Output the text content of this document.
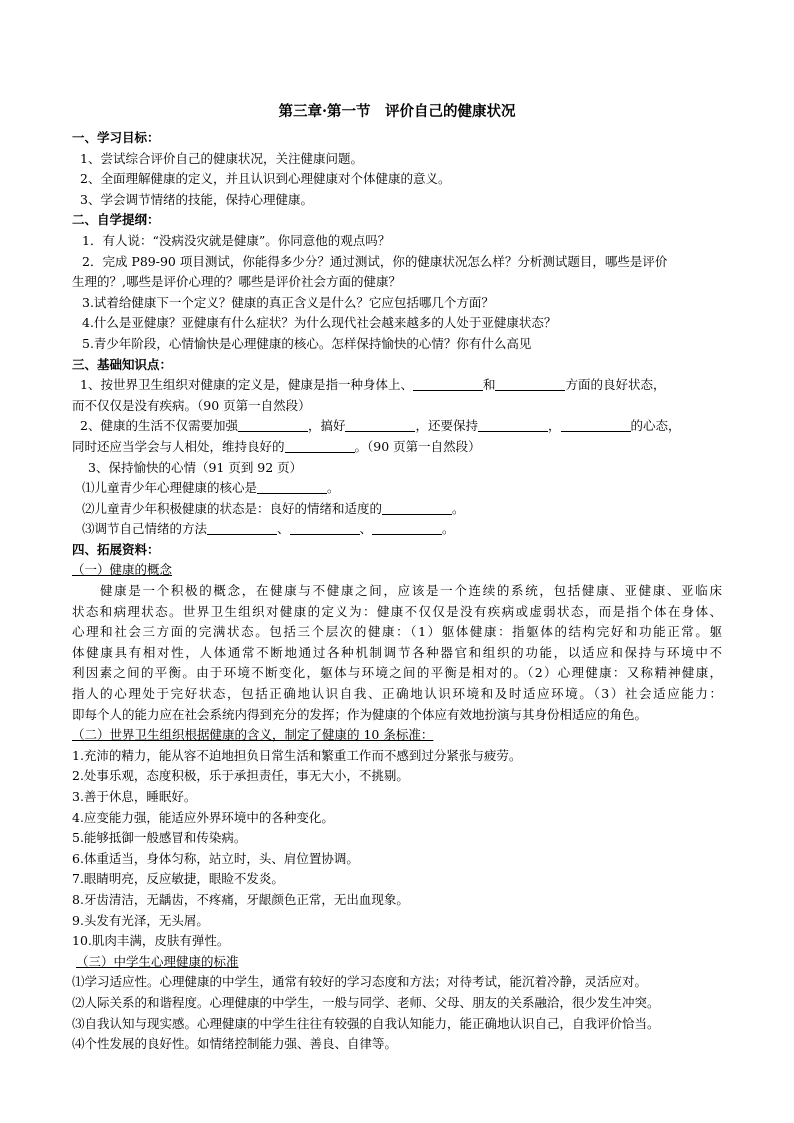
第三章·第一节　评价自己的健康状况
一、学习目标：
1、尝试综合评价自己的健康状况，关注健康问题。
2、全面理解健康的定义，并且认识到心理健康对个体健康的意义。
3、学会调节情绪的技能，保持心理健康。
二、自学提纲：
1．有人说：“没病没灾就是健康”。你同意他的观点吗？
2．完成 P89-90 项目测试，你能得多少分？通过测试，你的健康状况怎么样？分析测试题目，哪些是评价
生理的？,哪些是评价心理的？哪些是评价社会方面的健康？
3.试着给健康下一个定义？健康的真正含义是什么？它应包括哪几个方面？
4.什么是亚健康？亚健康有什么症状？为什么现代社会越来越多的人处于亚健康状态？
5.青少年阶段，心情愉快是心理健康的核心。怎样保持愉快的心情？你有什么高见
三、基础知识点：
1、按世界卫生组织对健康的定义是，健康是指一种身体上、	和	方面的良好状态，
而不仅仅是没有疾病。（90 页第一自然段）
2、健康的生活不仅需要加强	，搞好	，还要保持	，	的心态，
同时还应当学会与人相处，维持良好的	。（90 页第一自然段）
3、保持愉快的心情（91 页到 92 页）
⑴儿童青少年心理健康的核心是	。
⑵儿童青少年积极健康的状态是：良好的情绪和适度的	。
⑶调节自己情绪的方法	、	、	。
四、拓展资料：
（一）健康的概念
健康是一个积极的概念，在健康与不健康之间，应该是一个连续的系统，包括健康、亚健康、亚临床
状态和病理状态。世界卫生组织对健康的定义为：健康不仅仅是没有疾病或虚弱状态，而是指个体在身体、
心理和社会三方面的完满状态。包括三个层次的健康：（1）躯体健康：指躯体的结构完好和功能正常。躯
体健康具有相对性，人体通常不断地通过各种机制调节各种器官和组织的功能，以适应和保持与环境中不
利因素之间的平衡。由于环境不断变化，躯体与环境之间的平衡是相对的。（2）心理健康：又称精神健康，
指人的心理处于完好状态，包括正确地认识自我、正确地认识环境和及时适应环境。（3）社会适应能力：
即每个人的能力应在社会系统内得到充分的发挥；作为健康的个体应有效地扮演与其身份相适应的角色。
（二）世界卫生组织根据健康的含义，制定了健康的 10 条标准：
1.充沛的精力，能从容不迫地担负日常生活和繁重工作而不感到过分紧张与疲劳。
2.处事乐观，态度积极，乐于承担责任，事无大小，不挑剔。
3.善于休息，睡眠好。
4.应变能力强，能适应外界环境中的各种变化。
5.能够抵御一般感冒和传染病。
6.体重适当，身体匀称，站立时，头、肩位置协调。
7.眼睛明亮，反应敏捷，眼睑不发炎。
8.牙齿清洁，无龋齿，不疼痛，牙龈颜色正常，无出血现象。
9.头发有光泽，无头屑。
10.肌肉丰满，皮肤有弹性。
（三）中学生心理健康的标准
⑴学习适应性。心理健康的中学生，通常有较好的学习态度和方法；对待考试，能沉着冷静，灵活应对。
⑵人际关系的和谐程度。心理健康的中学生，一般与同学、老师、父母、朋友的关系融洽，很少发生冲突。
⑶自我认知与现实感。心理健康的中学生往往有较强的自我认知能力，能正确地认识自己，自我评价恰当。
⑷个性发展的良好性。如情绪控制能力强、善良、自律等。
